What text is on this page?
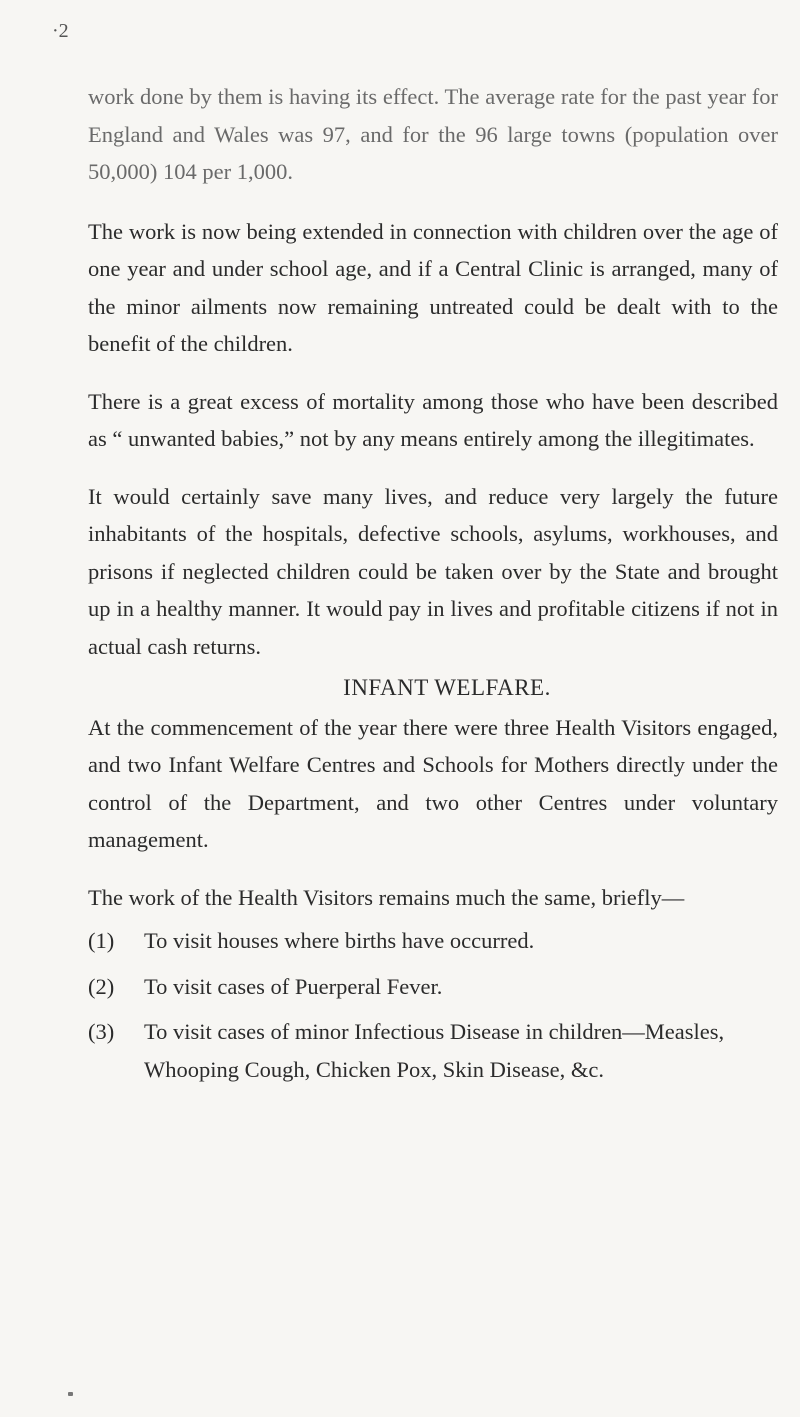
·2

work done by them is having its effect. The average rate for the past year for England and Wales was 97, and for the 96 large towns (population over 50,000) 104 per 1,000.

The work is now being extended in connection with children over the age of one year and under school age, and if a Central Clinic is arranged, many of the minor ailments now remaining untreated could be dealt with to the benefit of the children.

There is a great excess of mortality among those who have been described as “ unwanted babies,” not by any means entirely among the illegitimates.

It would certainly save many lives, and reduce very largely the future inhabitants of the hospitals, defective schools, asylums, workhouses, and prisons if neglected children could be taken over by the State and brought up in a healthy manner. It would pay in lives and profitable citizens if not in actual cash returns.

INFANT WELFARE.

At the commencement of the year there were three Health Visitors engaged, and two Infant Welfare Centres and Schools for Mothers directly under the control of the Department, and two other Centres under voluntary management.

The work of the Health Visitors remains much the same, briefly—

(1) To visit houses where births have occurred.
(2) To visit cases of Puerperal Fever.
(3) To visit cases of minor Infectious Disease in children—Measles, Whooping Cough, Chicken Pox, Skin Disease, &c.
